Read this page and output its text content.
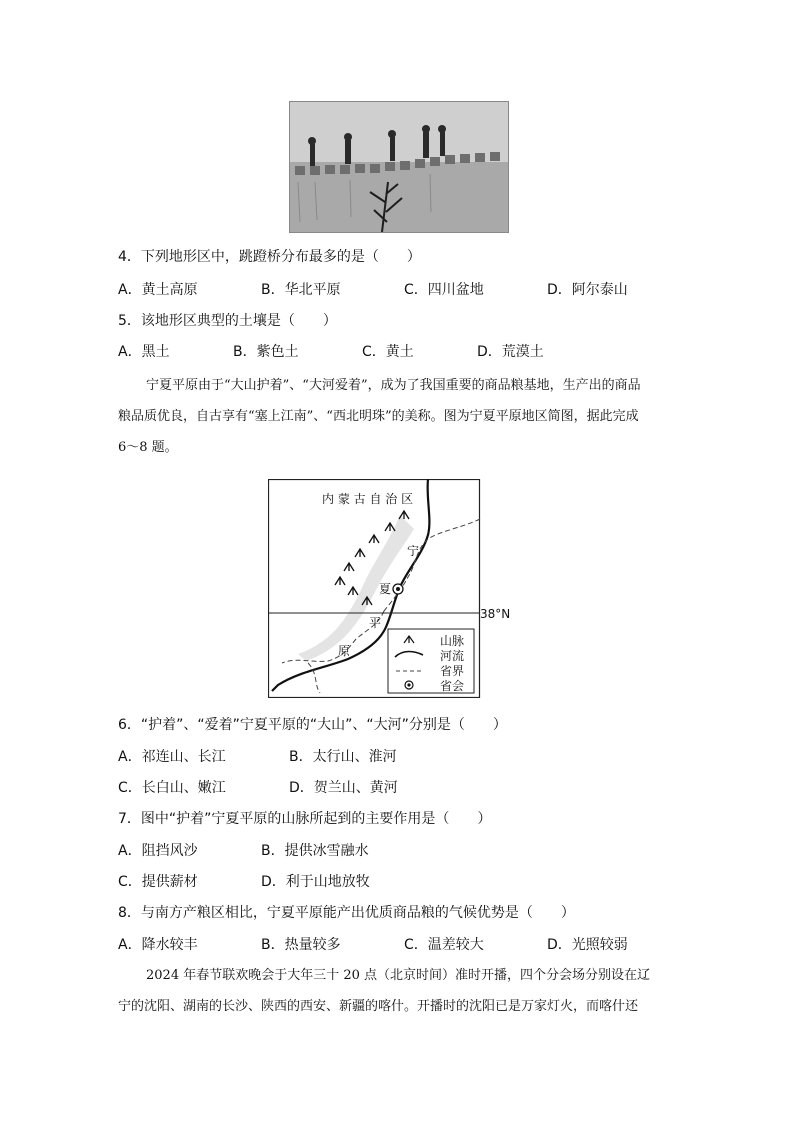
4．下列地形区中，跳蹬桥分布最多的是（　　）
A．黄土高原	B．华北平原	C．四川盆地	D．阿尔泰山
5．该地形区典型的土壤是（　　）
A．黑土	B．紫色土	C．黄土	D．荒漠土
宁夏平原由于“大山护着”、“大河爱着”，成为了我国重要的商品粮基地，生产出的商品
粮品质优良，自古享有“塞上江南”、“西北明珠”的美称。图为宁夏平原地区简图，据此完成
6～8 题。
内 蒙 古 自 治 区
宁
夏
平
原
38°N
山脉
河流
省界
省会
6．“护着”、“爱着”宁夏平原的“大山”、“大河”分别是（　　）
A．祁连山、长江	B．太行山、淮河
C．长白山、嫩江	D．贺兰山、黄河
7．图中“护着”宁夏平原的山脉所起到的主要作用是（　　）
A．阻挡风沙	B．提供冰雪融水
C．提供薪材	D．利于山地放牧
8．与南方产粮区相比，宁夏平原能产出优质商品粮的气候优势是（　　）
A．降水较丰	B．热量较多	C．温差较大	D．光照较弱
2024 年春节联欢晚会于大年三十 20 点（北京时间）准时开播，四个分会场分别设在辽
宁的沈阳、湖南的长沙、陕西的西安、新疆的喀什。开播时的沈阳已是万家灯火，而喀什还
